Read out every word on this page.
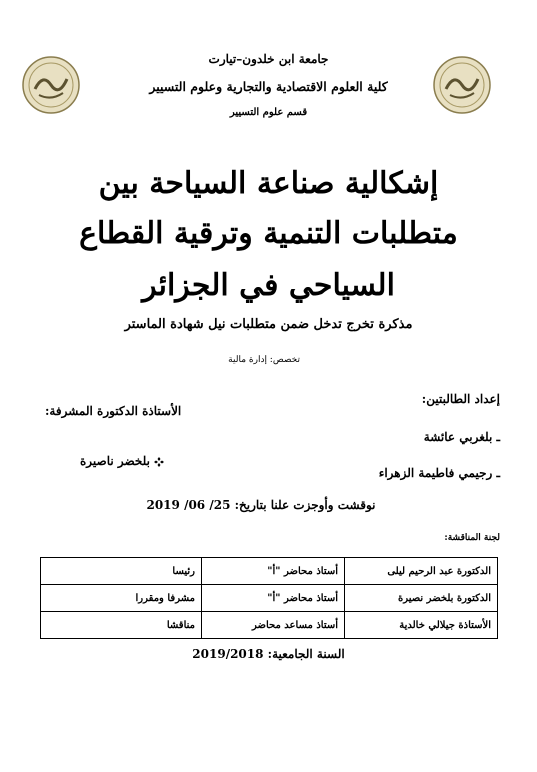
جامعة ابن خلدون–تيارت
كلية العلوم الاقتصادية والتجارية وعلوم التسيير
قسم علوم التسيير
إشكالية صناعة السياحة بين
متطلبات التنمية وترقية القطاع
السياحي في الجزائر
مذكرة تخرج تدخل ضمن متطلبات نيل شهادة الماستر
تخصص: إدارة مالية
إعداد الطالبتين:
ـ بلغربي عائشة
ـ رجيمي فاطيمة الزهراء
الأستاذة الدكتورة المشرفة:
بلخضر ناصيرة
نوقشت وأوجزت علنا بتاريخ: 25/ 06/ 2019
لجنة المناقشة:
الدكتورة عبد الرحيم ليلى	أستاذ محاضر "أ"	رئيسا
الدكتورة بلخضر نصيرة	أستاذ محاضر "أ"	مشرفا ومقررا
الأستاذة جيلالي خالدية	أستاذ مساعد محاضر	مناقشا
السنة الجامعية: 2019/2018
